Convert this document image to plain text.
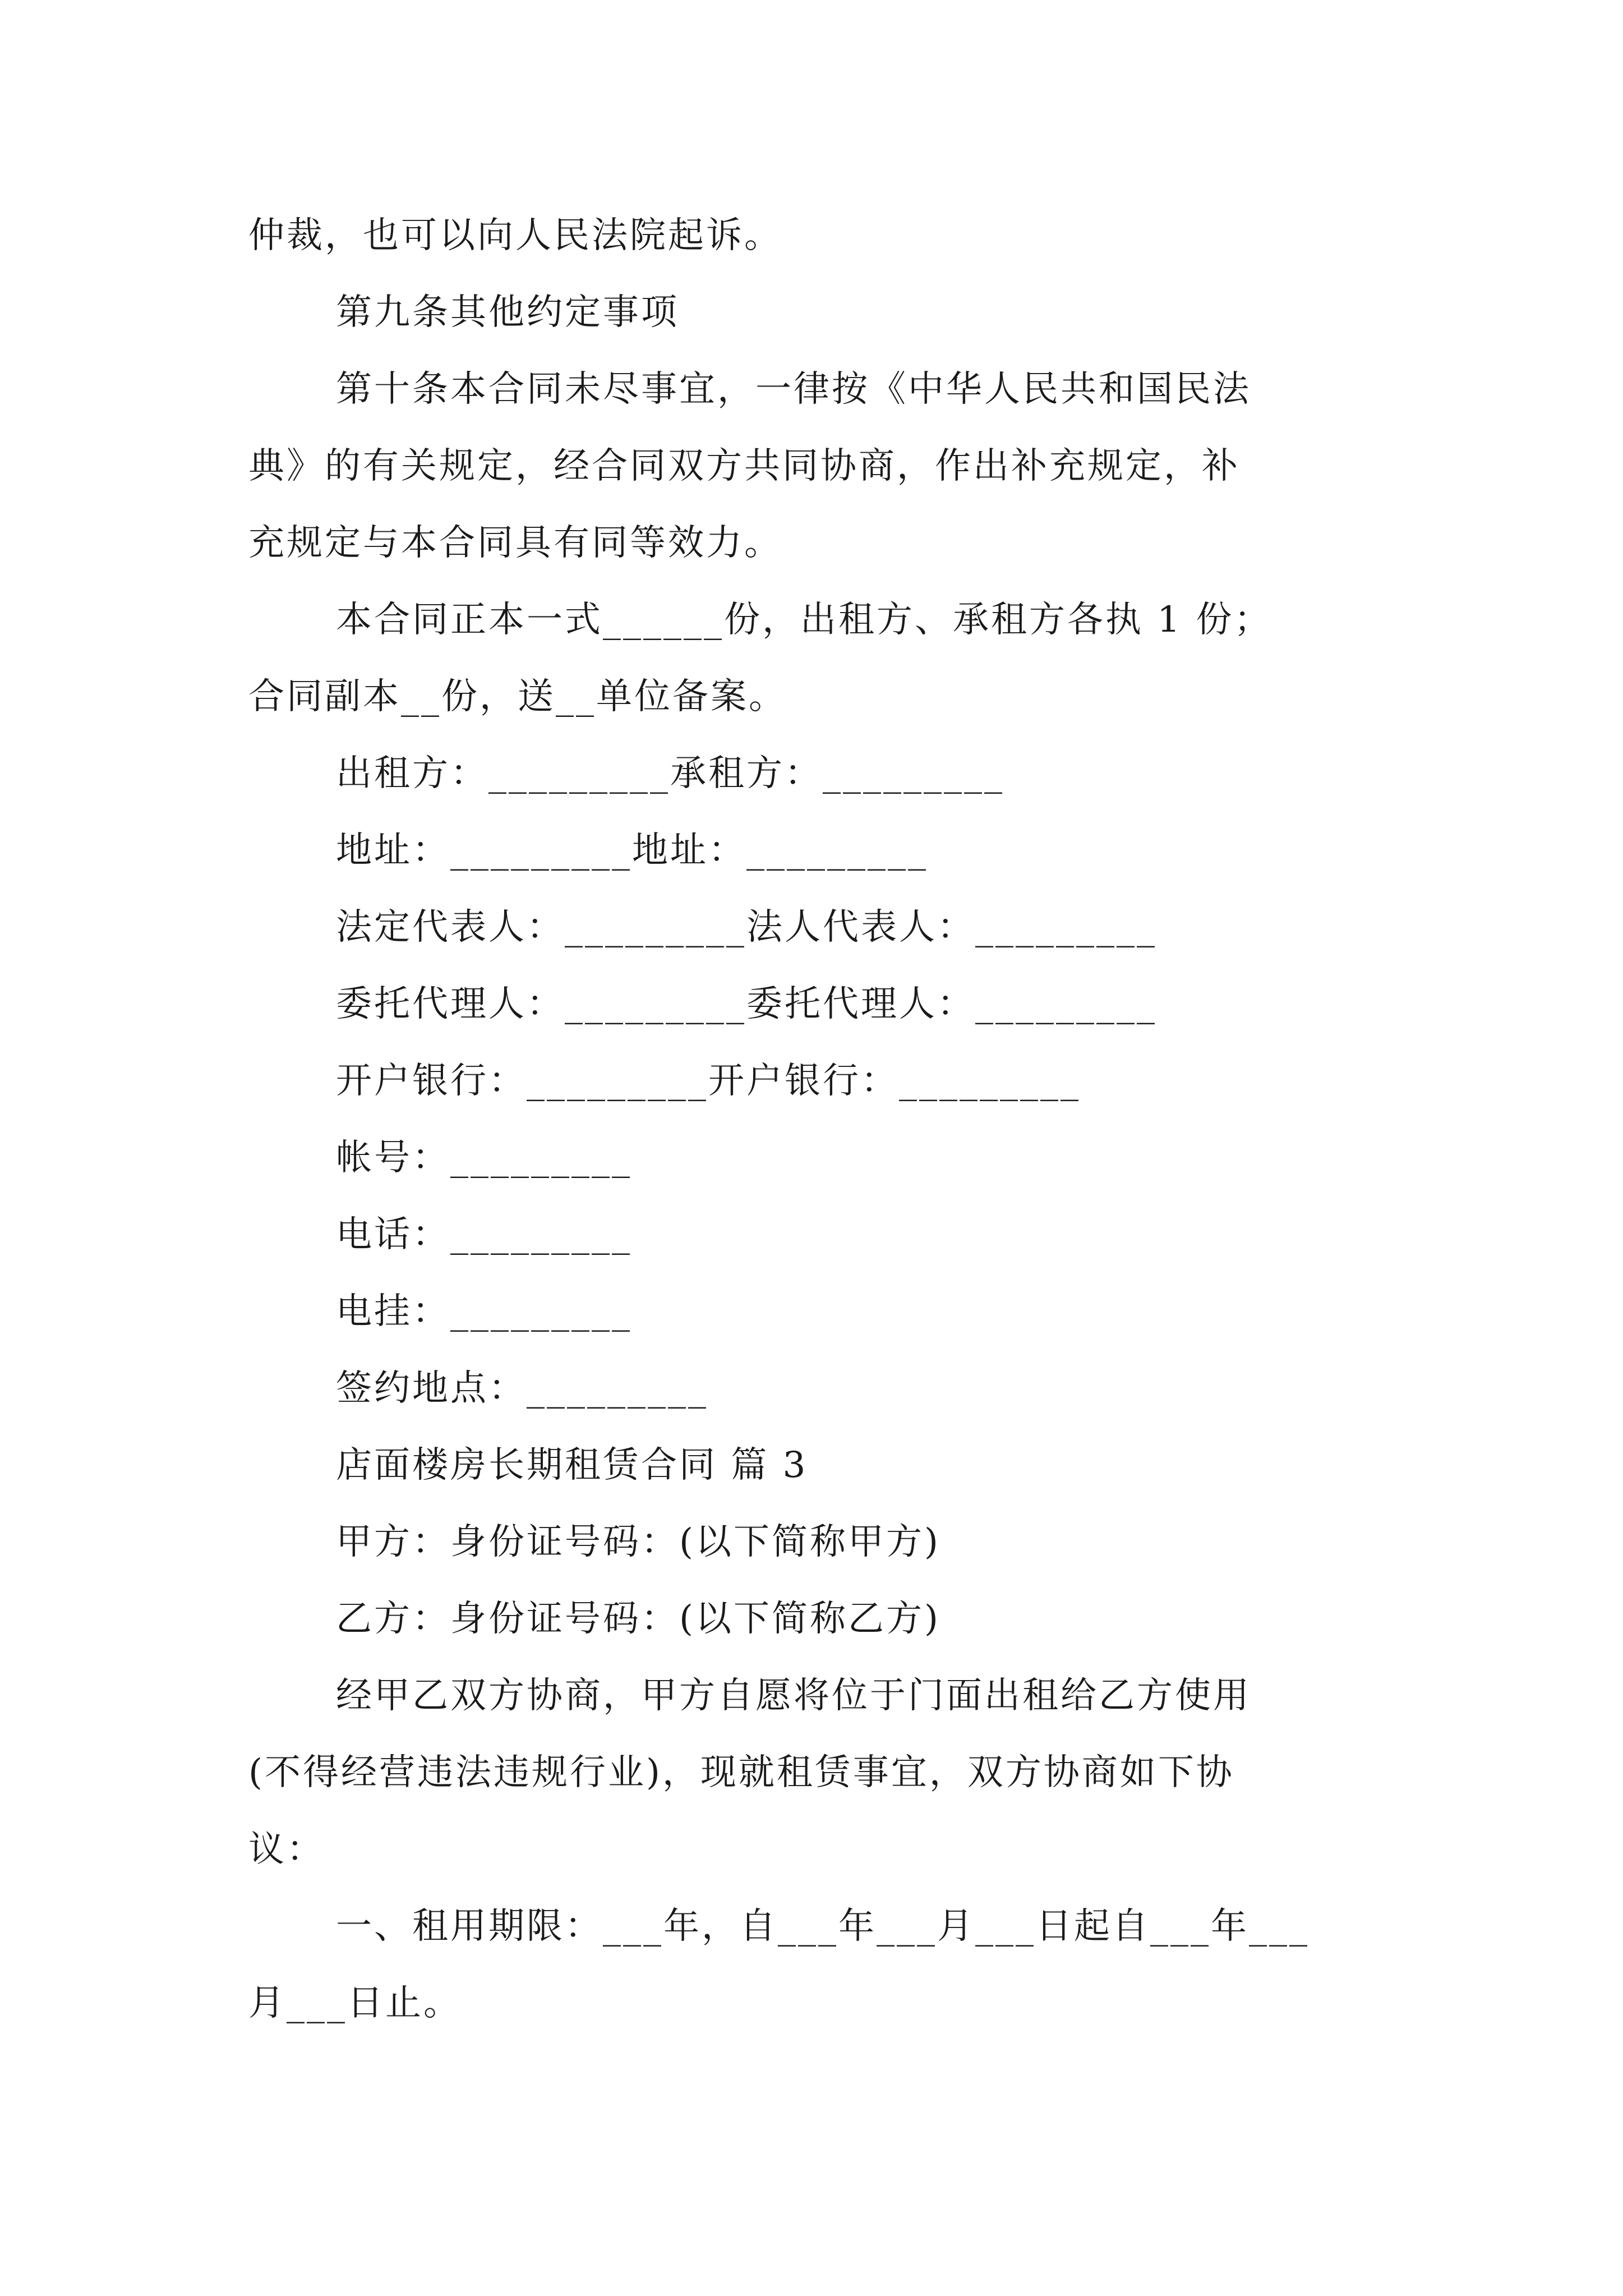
仲裁，也可以向人民法院起诉。
第九条其他约定事项
第十条本合同未尽事宜，一律按《中华人民共和国民法
典》的有关规定，经合同双方共同协商，作出补充规定，补
充规定与本合同具有同等效力。
本合同正本一式______份，出租方、承租方各执 1 份；
合同副本__份，送__单位备案。
出租方：_________承租方：_________
地址：_________地址：_________
法定代表人：_________法人代表人：_________
委托代理人：_________委托代理人：_________
开户银行：_________开户银行：_________
帐号：_________
电话：_________
电挂：_________
签约地点：_________
店面楼房长期租赁合同 篇 3
甲方：身份证号码：(以下简称甲方)
乙方：身份证号码：(以下简称乙方)
经甲乙双方协商，甲方自愿将位于门面出租给乙方使用
(不得经营违法违规行业)，现就租赁事宜，双方协商如下协
议：
一、租用期限：___年，自___年___月___日起自___年___
月___日止。
